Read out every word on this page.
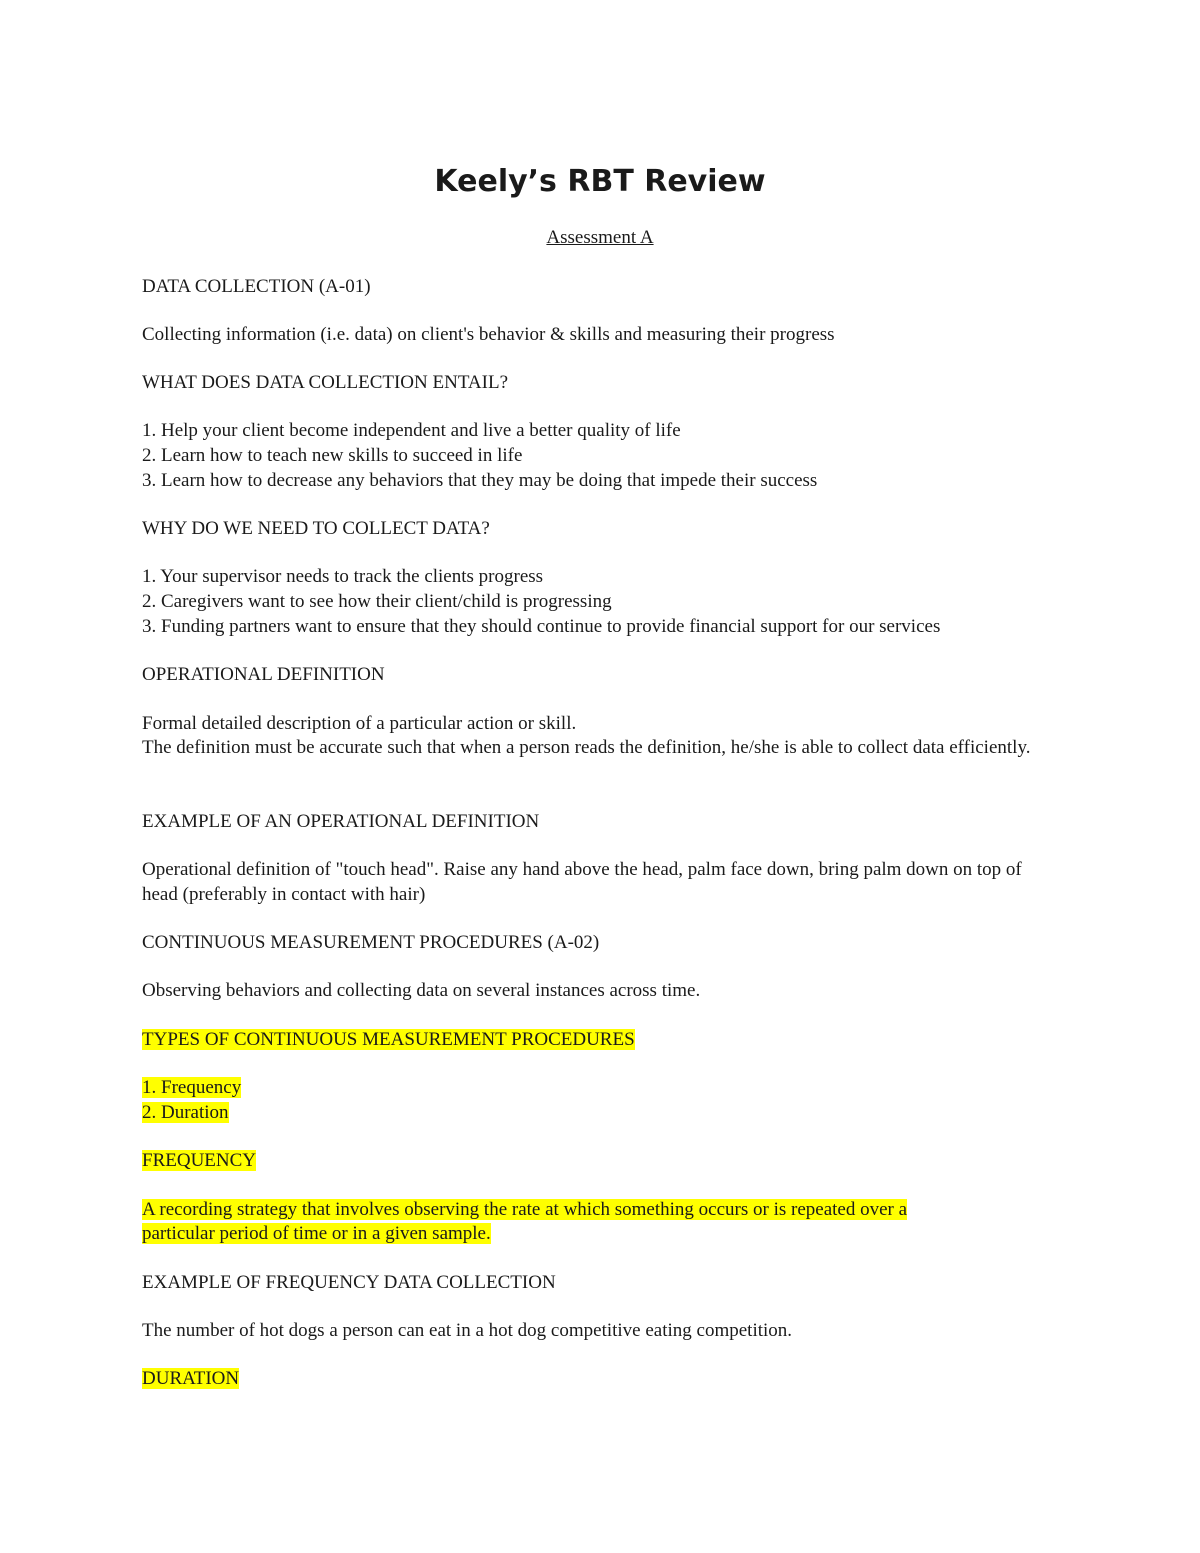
Keely’s RBT Review
Assessment A
DATA COLLECTION (A-01)
Collecting information (i.e. data) on client's behavior & skills and measuring their progress
WHAT DOES DATA COLLECTION ENTAIL?
1. Help your client become independent and live a better quality of life
2. Learn how to teach new skills to succeed in life
3. Learn how to decrease any behaviors that they may be doing that impede their success
WHY DO WE NEED TO COLLECT DATA?
1. Your supervisor needs to track the clients progress
2. Caregivers want to see how their client/child is progressing
3. Funding partners want to ensure that they should continue to provide financial support for our services
OPERATIONAL DEFINITION
Formal detailed description of a particular action or skill.
The definition must be accurate such that when a person reads the definition, he/she is able to collect data efficiently.
EXAMPLE OF AN OPERATIONAL DEFINITION
Operational definition of "touch head". Raise any hand above the head, palm face down, bring palm down on top of head (preferably in contact with hair)
CONTINUOUS MEASUREMENT PROCEDURES (A-02)
Observing behaviors and collecting data on several instances across time.
TYPES OF CONTINUOUS MEASUREMENT PROCEDURES
1. Frequency
2. Duration
FREQUENCY
A recording strategy that involves observing the rate at which something occurs or is repeated over a
particular period of time or in a given sample.
EXAMPLE OF FREQUENCY DATA COLLECTION
The number of hot dogs a person can eat in a hot dog competitive eating competition.
DURATION
